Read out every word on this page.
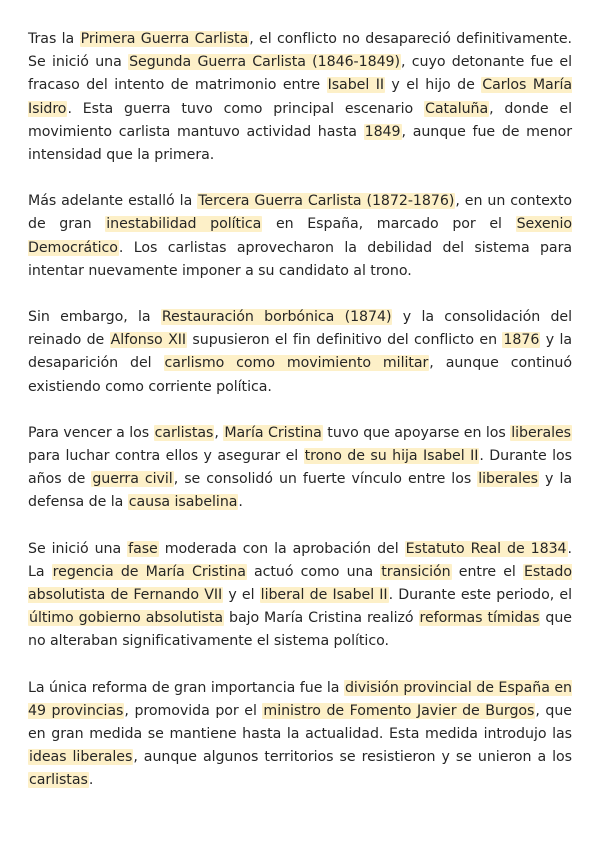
Tras la Primera Guerra Carlista, el conflicto no desapareció definitivamente. Se inició una Segunda Guerra Carlista (1846-1849), cuyo detonante fue el fracaso del intento de matrimonio entre Isabel II y el hijo de Carlos María Isidro. Esta guerra tuvo como principal escenario Cataluña, donde el movimiento carlista mantuvo actividad hasta 1849, aunque fue de menor intensidad que la primera.

Más adelante estalló la Tercera Guerra Carlista (1872-1876), en un contexto de gran inestabilidad política en España, marcado por el Sexenio Democrático. Los carlistas aprovecharon la debilidad del sistema para intentar nuevamente imponer a su candidato al trono.

Sin embargo, la Restauración borbónica (1874) y la consolidación del reinado de Alfonso XII supusieron el fin definitivo del conflicto en 1876 y la desaparición del carlismo como movimiento militar, aunque continuó existiendo como corriente política.

Para vencer a los carlistas, María Cristina tuvo que apoyarse en los liberales para luchar contra ellos y asegurar el trono de su hija Isabel II. Durante los años de guerra civil, se consolidó un fuerte vínculo entre los liberales y la defensa de la causa isabelina.

Se inició una fase moderada con la aprobación del Estatuto Real de 1834. La regencia de María Cristina actuó como una transición entre el Estado absolutista de Fernando VII y el liberal de Isabel II. Durante este periodo, el último gobierno absolutista bajo María Cristina realizó reformas tímidas que no alteraban significativamente el sistema político.

La única reforma de gran importancia fue la división provincial de España en 49 provincias, promovida por el ministro de Fomento Javier de Burgos, que en gran medida se mantiene hasta la actualidad. Esta medida introdujo las ideas liberales, aunque algunos territorios se resistieron y se unieron a los carlistas.
